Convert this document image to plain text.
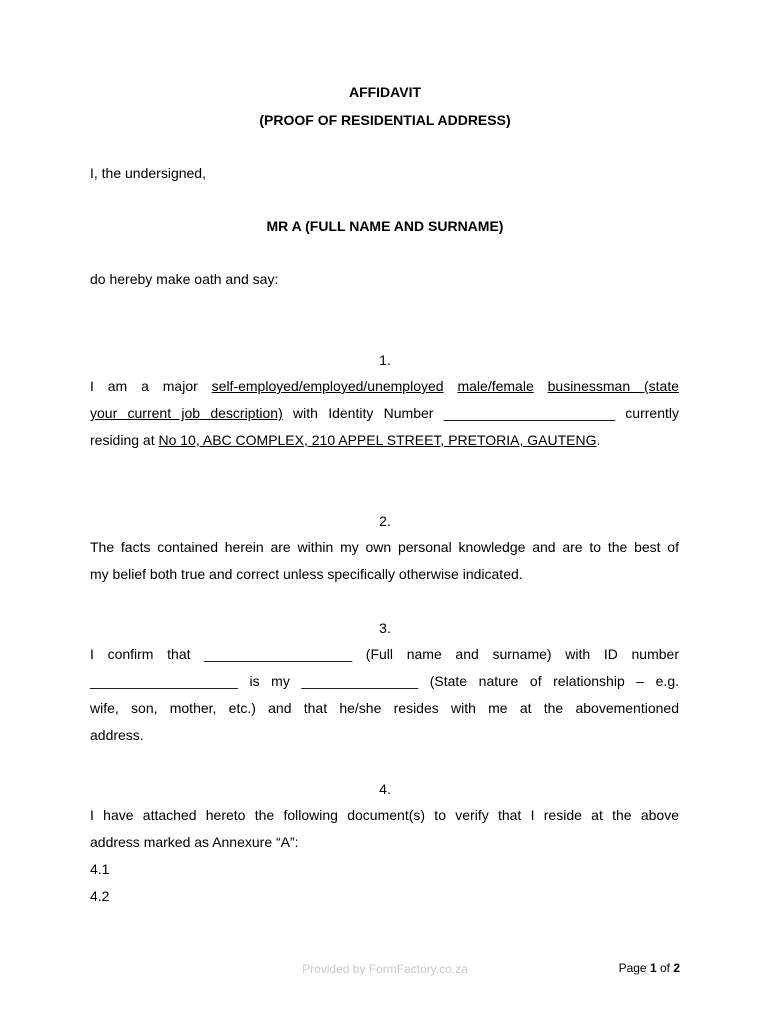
AFFIDAVIT
(PROOF OF RESIDENTIAL ADDRESS)
I, the undersigned,
MR A (FULL NAME AND SURNAME)
do hereby make oath and say:
1.
I am a major self-employed/employed/unemployed male/female businessman (state
your current job description) with Identity Number ______________________ currently
residing at No 10, ABC COMPLEX, 210 APPEL STREET, PRETORIA, GAUTENG.
2.
The facts contained herein are within my own personal knowledge and are to the best of
my belief both true and correct unless specifically otherwise indicated.
3.
I confirm that ___________________ (Full name and surname) with ID number
___________________ is my _______________ (State nature of relationship – e.g.
wife, son, mother, etc.) and that he/she resides with me at the abovementioned
address.
4.
I have attached hereto the following document(s) to verify that I reside at the above
address marked as Annexure “A”:
4.1
4.2
Provided by FormFactory.co.za	Page 1 of 2
